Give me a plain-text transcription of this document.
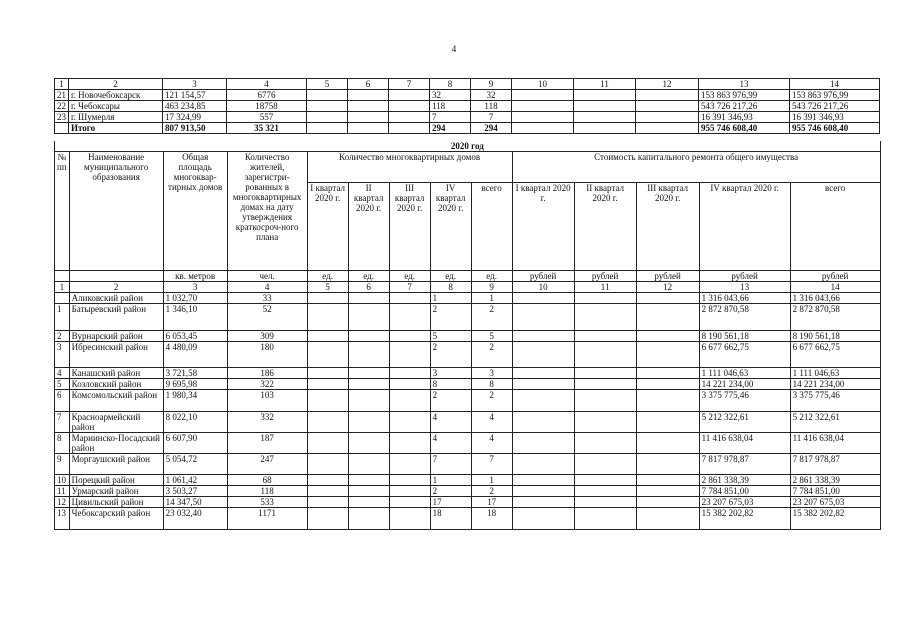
4
1	2	3	4	5	6	7	8	9	10	11	12	13	14
21	г. Новочебоксарск	121 154,57	6776				32	32				153 863 976,99	153 863 976,99
22	г. Чебоксары	463 234,85	18758				118	118				543 726 217,26	543 726 217,26
23	г. Шумерля	17 324,99	557				7	7				16 391 346,93	16 391 346,93
	Итого	807 913,50	35 321				294	294				955 746 608,40	955 746 608,40
2020 год													
№ пп	Наименование муниципального образования	Общая площадь многоквар-тирных домов	Количество жителей, зарегистри-рованных в многоквартирных домах на дату утверждения краткосроч-ного плана	Количество многоквартирных домов					Стоимость капитального ремонта общего имущества				
				I квартал 2020 г.	II квартал 2020 г.	III квартал 2020 г.	IV квартал 2020 г.	всего	I квартал 2020 г.	II квартал 2020 г.	III квартал 2020 г.	IV квартал 2020 г.	всего
		кв. метров	чел.	ед.	ед.	ед.	ед.	ед.	рублей	рублей	рублей	рублей	рублей
1	2	3	4	5	6	7	8	9	10	11	12	13	14
	Аликовский район	1 032,70	33				1	1				1 316 043,66	1 316 043,66
1	Батыревский район	1 346,10	52				2	2				2 872 870,58	2 872 870,58
2	Вурнарский район	6 053,45	309				5	5				8 190 561,18	8 190 561,18
3	Ибресинский район	4 480,09	180				2	2				6 677 662,75	6 677 662,75
4	Канашский район	3 721,58	186				3	3				1 111 046,63	1 111 046,63
5	Козловский район	9 695,98	322				8	8				14 221 234,00	14 221 234,00
6	Комсомольский район	1 980,34	103				2	2				3 375 775,46	3 375 775,46
7	Красноармейский район	8 022,10	332				4	4				5 212 322,61	5 212 322,61
8	Мариинско-Посадский район	6 607,90	187				4	4				11 416 638,04	11 416 638,04
9	Моргаушский район	5 054,72	247				7	7				7 817 978,87	7 817 978,87
10	Порецкий район	1 061,42	68				1	1				2 861 338,39	2 861 338,39
11	Урмарский район	3 503,27	118				2	2				7 784 851,00	7 784 851,00
12	Цивильский район	14 347,50	533				17	17				23 207 675,03	23 207 675,03
13	Чебоксарский район	23 032,40	1171				18	18				15 382 202,82	15 382 202,82
